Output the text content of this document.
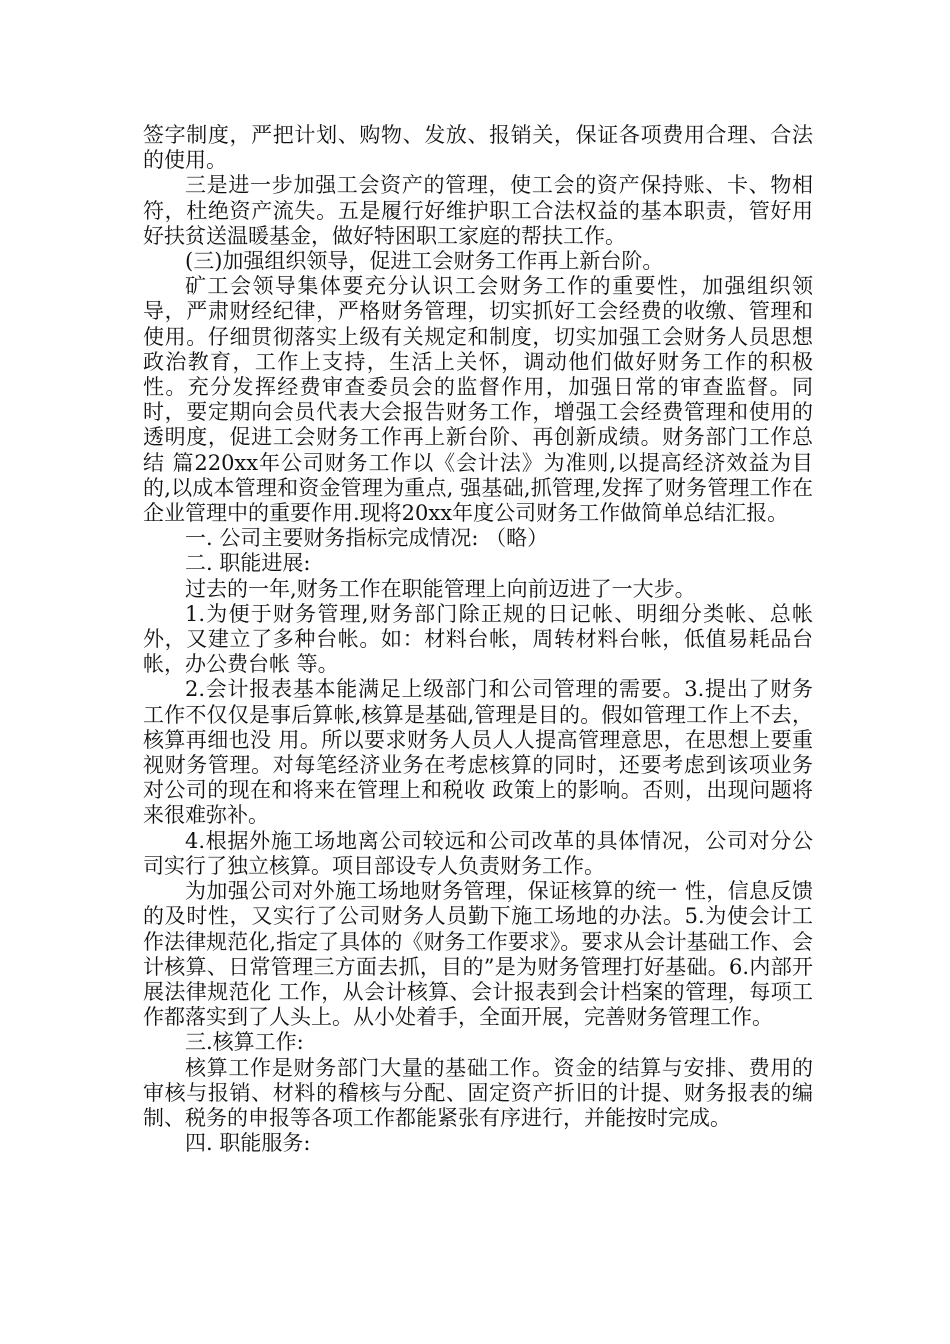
签字制度，严把计划、购物、发放、报销关，保证各项费用合理、合法的使用。

三是进一步加强工会资产的管理，使工会的资产保持账、卡、物相符，杜绝资产流失。五是履行好维护职工合法权益的基本职责，管好用好扶贫送温暖基金，做好特困职工家庭的帮扶工作。

(三)加强组织领导，促进工会财务工作再上新台阶。

矿工会领导集体要充分认识工会财务工作的重要性，加强组织领导，严肃财经纪律，严格财务管理，切实抓好工会经费的收缴、管理和使用。仔细贯彻落实上级有关规定和制度，切实加强工会财务人员思想政治教育，工作上支持，生活上关怀，调动他们做好财务工作的积极性。充分发挥经费审查委员会的监督作用，加强日常的审查监督。同时，要定期向会员代表大会报告财务工作，增强工会经费管理和使用的透明度，促进工会财务工作再上新台阶、再创新成绩。财务部门工作总结 篇220xx年公司财务工作以《会计法》为准则,以提高经济效益为目的,以成本管理和资金管理为重点, 强基础,抓管理,发挥了财务管理工作在企业管理中的重要作用.现将20xx年度公司财务工作做简单总结汇报。

一. 公司主要财务指标完成情况: （略）

二. 职能进展:

过去的一年,财务工作在职能管理上向前迈进了一大步。

1.为便于财务管理,财务部门除正规的日记帐、明细分类帐、总帐外，又建立了多种台帐。如：材料台帐，周转材料台帐，低值易耗品台帐，办公费台帐 等。

2.会计报表基本能满足上级部门和公司管理的需要。3.提出了财务工作不仅仅是事后算帐,核算是基础,管理是目的。假如管理工作上不去，核算再细也没 用。所以要求财务人员人人提高管理意思，在思想上要重视财务管理。对每笔经济业务在考虑核算的同时，还要考虑到该项业务对公司的现在和将来在管理上和税收 政策上的影响。否则，出现问题将来很难弥补。

4.根据外施工场地离公司较远和公司改革的具体情况，公司对分公司实行了独立核算。项目部设专人负责财务工作。

为加强公司对外施工场地财务管理，保证核算的统一 性，信息反馈的及时性，又实行了公司财务人员勤下施工场地的办法。5.为使会计工作法律规范化,指定了具体的《财务工作要求》。要求从会计基础工作、会计核算、日常管理三方面去抓，目的”是为财务管理打好基础。6.内部开展法律规范化 工作，从会计核算、会计报表到会计档案的管理，每项工作都落实到了人头上。从小处着手，全面开展，完善财务管理工作。

三.核算工作:

核算工作是财务部门大量的基础工作。资金的结算与安排、费用的审核与报销、材料的稽核与分配、固定资产折旧的计提、财务报表的编制、税务的申报等各项工作都能紧张有序进行，并能按时完成。

四. 职能服务:
